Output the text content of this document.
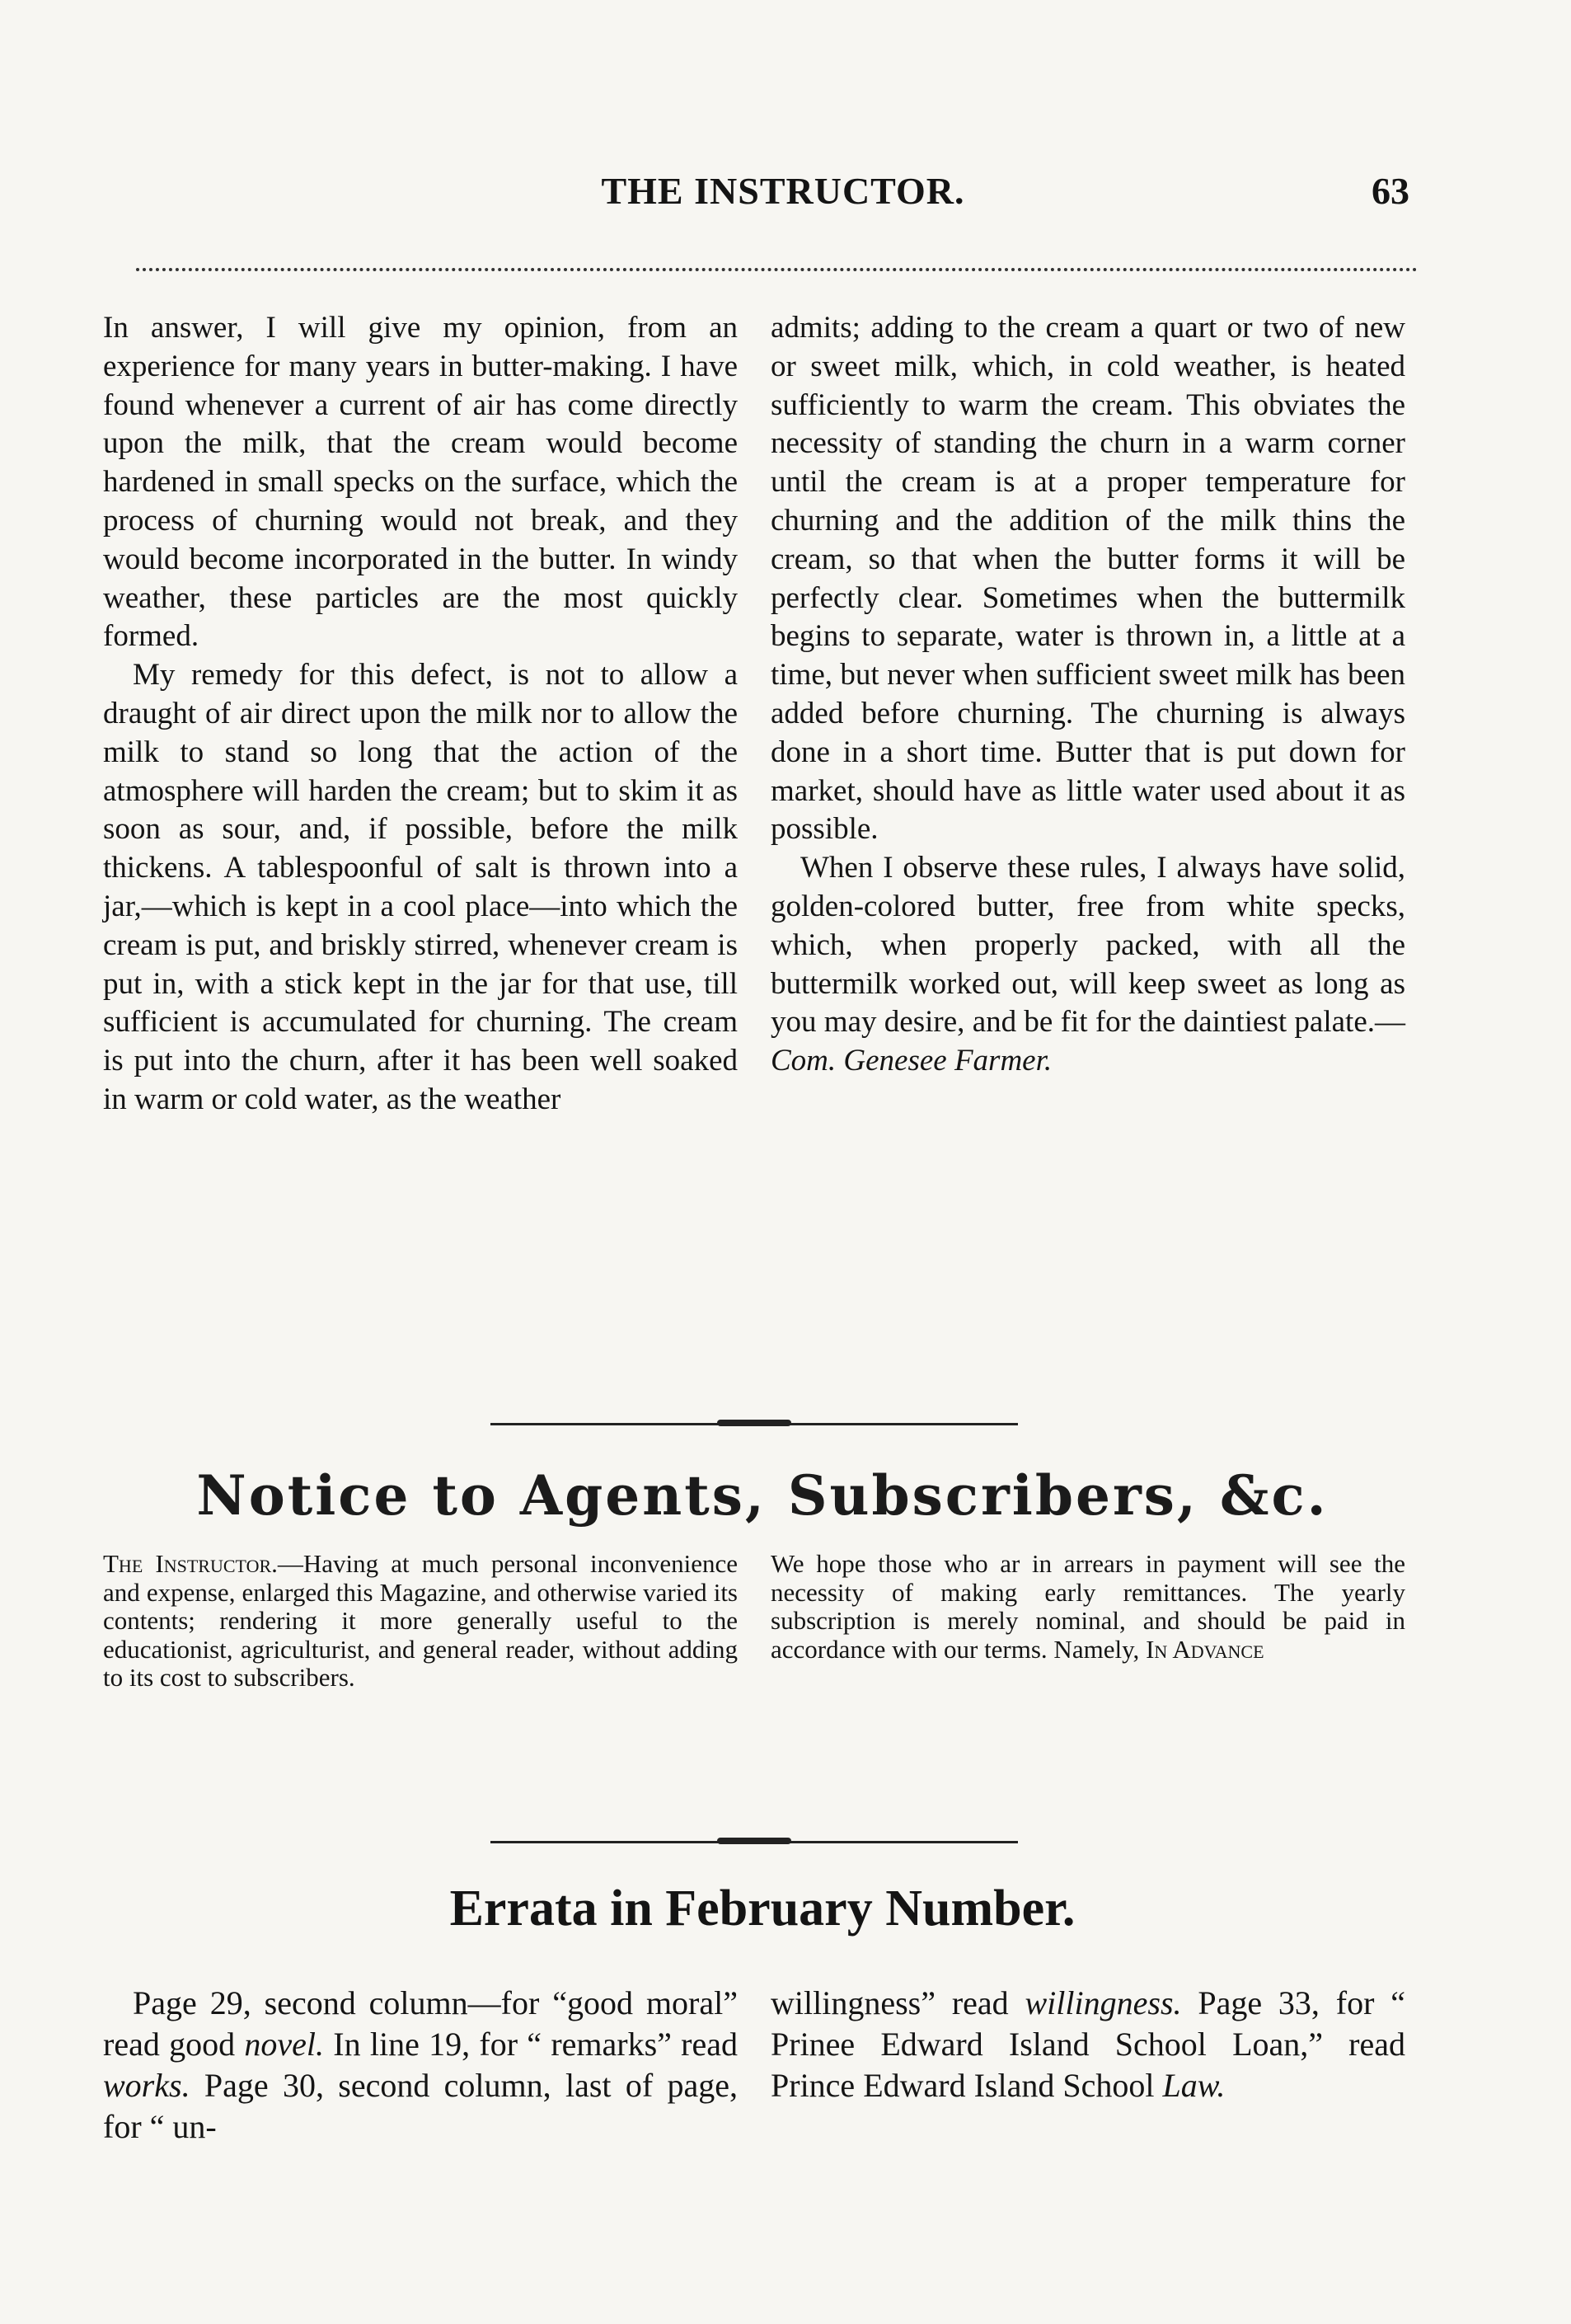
THE INSTRUCTOR.	63

In answer, I will give my opinion, from an experience for many years in butter-making. I have found whenever a current of air has come directly upon the milk, that the cream would become hardened in small specks on the surface, which the process of churning would not break, and they would become incorporated in the butter. In windy weather, these particles are the most quickly formed.

My remedy for this defect, is not to allow a draught of air direct upon the milk nor to allow the milk to stand so long that the action of the atmosphere will harden the cream; but to skim it as soon as sour, and, if possible, before the milk thickens. A tablespoonful of salt is thrown into a jar,—which is kept in a cool place—into which the cream is put, and briskly stirred, whenever cream is put in, with a stick kept in the jar for that use, till sufficient is accumulated for churning. The cream is put into the churn, after it has been well soaked in warm or cold water, as the weather

admits; adding to the cream a quart or two of new or sweet milk, which, in cold weather, is heated sufficiently to warm the cream. This obviates the necessity of standing the churn in a warm corner until the cream is at a proper temperature for churning and the addition of the milk thins the cream, so that when the butter forms it will be perfectly clear. Sometimes when the buttermilk begins to separate, water is thrown in, a little at a time, but never when sufficient sweet milk has been added before churning. The churning is always done in a short time. Butter that is put down for market, should have as little water used about it as possible.

When I observe these rules, I always have solid, golden-colored butter, free from white specks, which, when properly packed, with all the buttermilk worked out, will keep sweet as long as you may desire, and be fit for the daintiest palate.—Com. Genesee Farmer.

Notice to Agents, Subscribers, &c.
The Instructor.—Having at much personal inconvenience and expense, enlarged this Magazine, and otherwise varied its contents; rendering it more generally useful to the educationist, agriculturist, and general reader, without adding to its cost to subscribers.
We hope those who ar in arrears in payment will see the necessity of making early remittances. The yearly subscription is merely nominal, and should be paid in accordance with our terms. Namely, In Advance
Errata in February Number.

Page 29, second column—for “good moral” read good novel. In line 19, for “ remarks” read works. Page 30, second column, last of page, for “ un-

willingness” read willingness. Page 33, for “ Prinee Edward Island School Loan,” read Prince Edward Island School Law.
